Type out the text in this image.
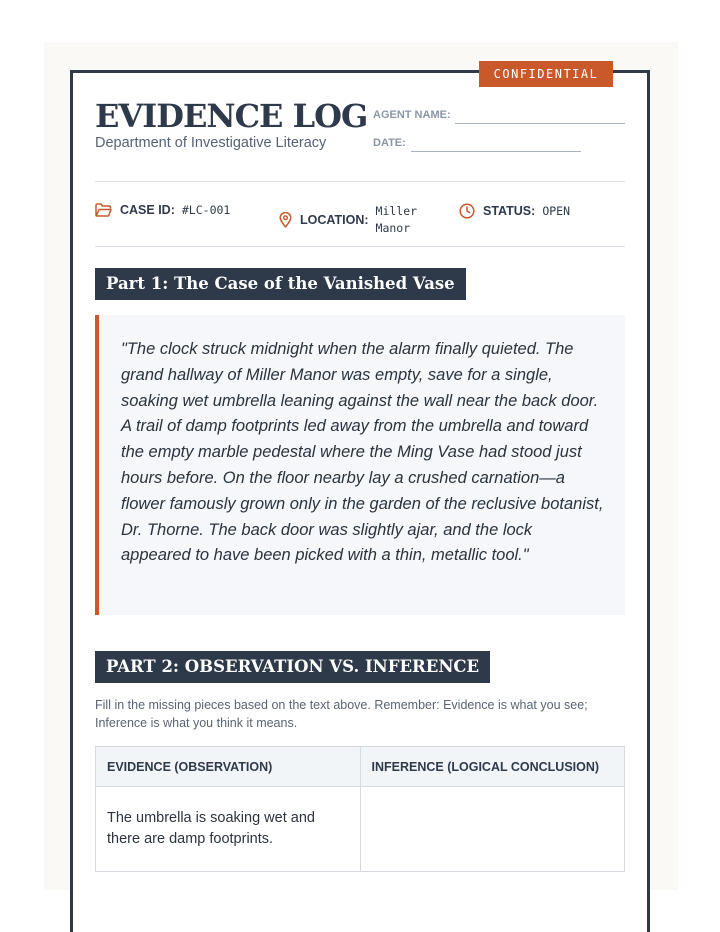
CONFIDENTIAL
EVIDENCE LOG
Department of Investigative Literacy
AGENT NAME:
DATE:
CASE ID: #LC-001
LOCATION:
Miller Manor
STATUS: OPEN
Part 1: The Case of the Vanished Vase

"The clock struck midnight when the alarm finally quieted. The grand hallway of Miller Manor was empty, save for a single, soaking wet umbrella leaning against the wall near the back door. A trail of damp footprints led away from the umbrella and toward the empty marble pedestal where the Ming Vase had stood just hours before. On the floor nearby lay a crushed carnation—a flower famously grown only in the garden of the reclusive botanist, Dr. Thorne. The back door was slightly ajar, and the lock appeared to have been picked with a thin, metallic tool."

PART 2: OBSERVATION VS. INFERENCE

Fill in the missing pieces based on the text above. Remember: Evidence is what you see; Inference is what you think it means.

EVIDENCE (OBSERVATION)	INFERENCE (LOGICAL CONCLUSION)
The umbrella is soaking wet and there are damp footprints.	
